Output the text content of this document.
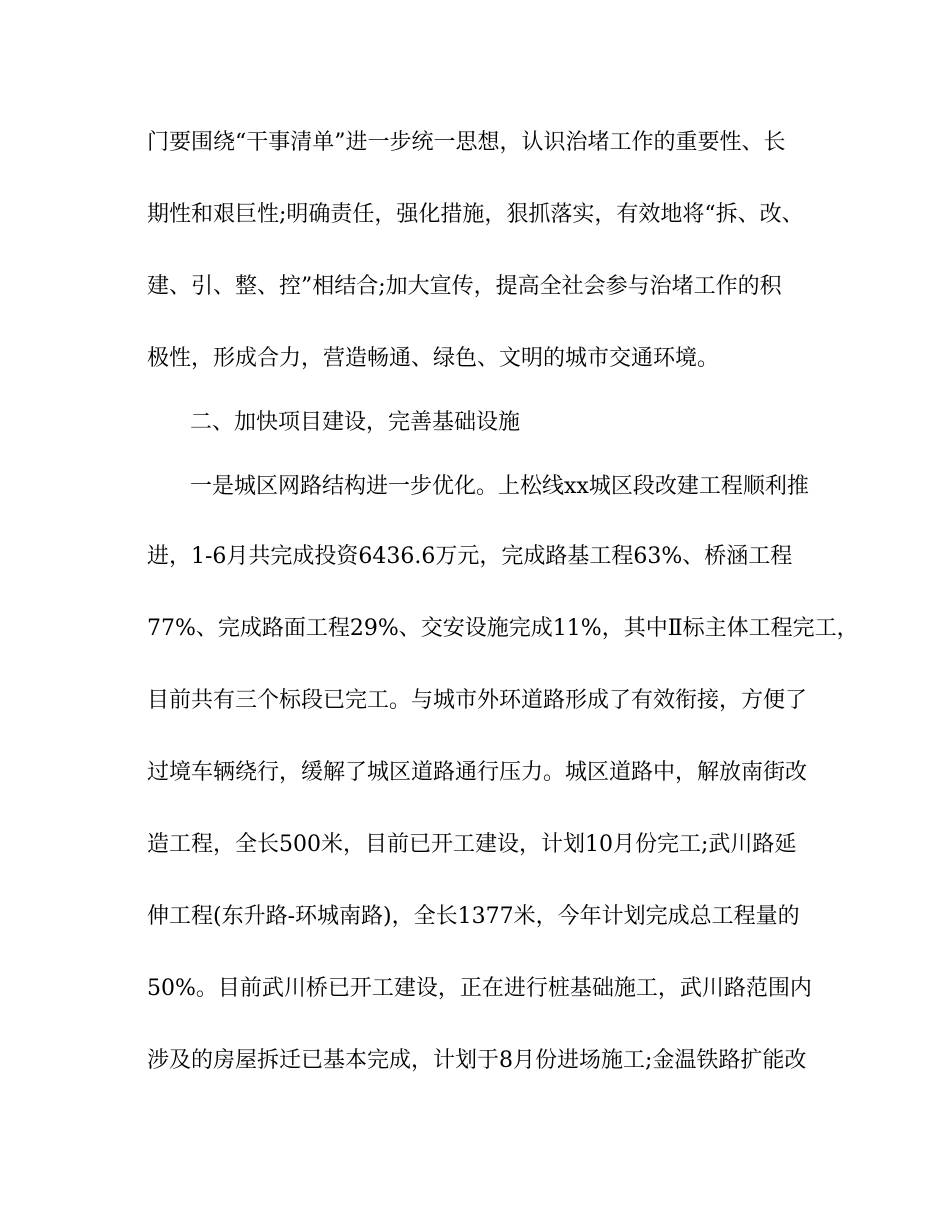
门要围绕“干事清单”进一步统一思想，认识治堵工作的重要性、长
期性和艰巨性;明确责任，强化措施，狠抓落实，有效地将“拆、改、
建、引、整、控”相结合;加大宣传，提高全社会参与治堵工作的积
极性，形成合力，营造畅通、绿色、文明的城市交通环境。
二、加快项目建设，完善基础设施
一是城区网路结构进一步优化。上松线xx城区段改建工程顺利推
进，1-6月共完成投资6436.6万元，完成路基工程63%、桥涵工程
77%、完成路面工程29%、交安设施完成11%，其中Ⅱ标主体工程完工，
目前共有三个标段已完工。与城市外环道路形成了有效衔接，方便了
过境车辆绕行，缓解了城区道路通行压力。城区道路中，解放南街改
造工程，全长500米，目前已开工建设，计划10月份完工;武川路延
伸工程(东升路-环城南路)，全长1377米，今年计划完成总工程量的
50%。目前武川桥已开工建设，正在进行桩基础施工，武川路范围内
涉及的房屋拆迁已基本完成，计划于8月份进场施工;金温铁路扩能改
